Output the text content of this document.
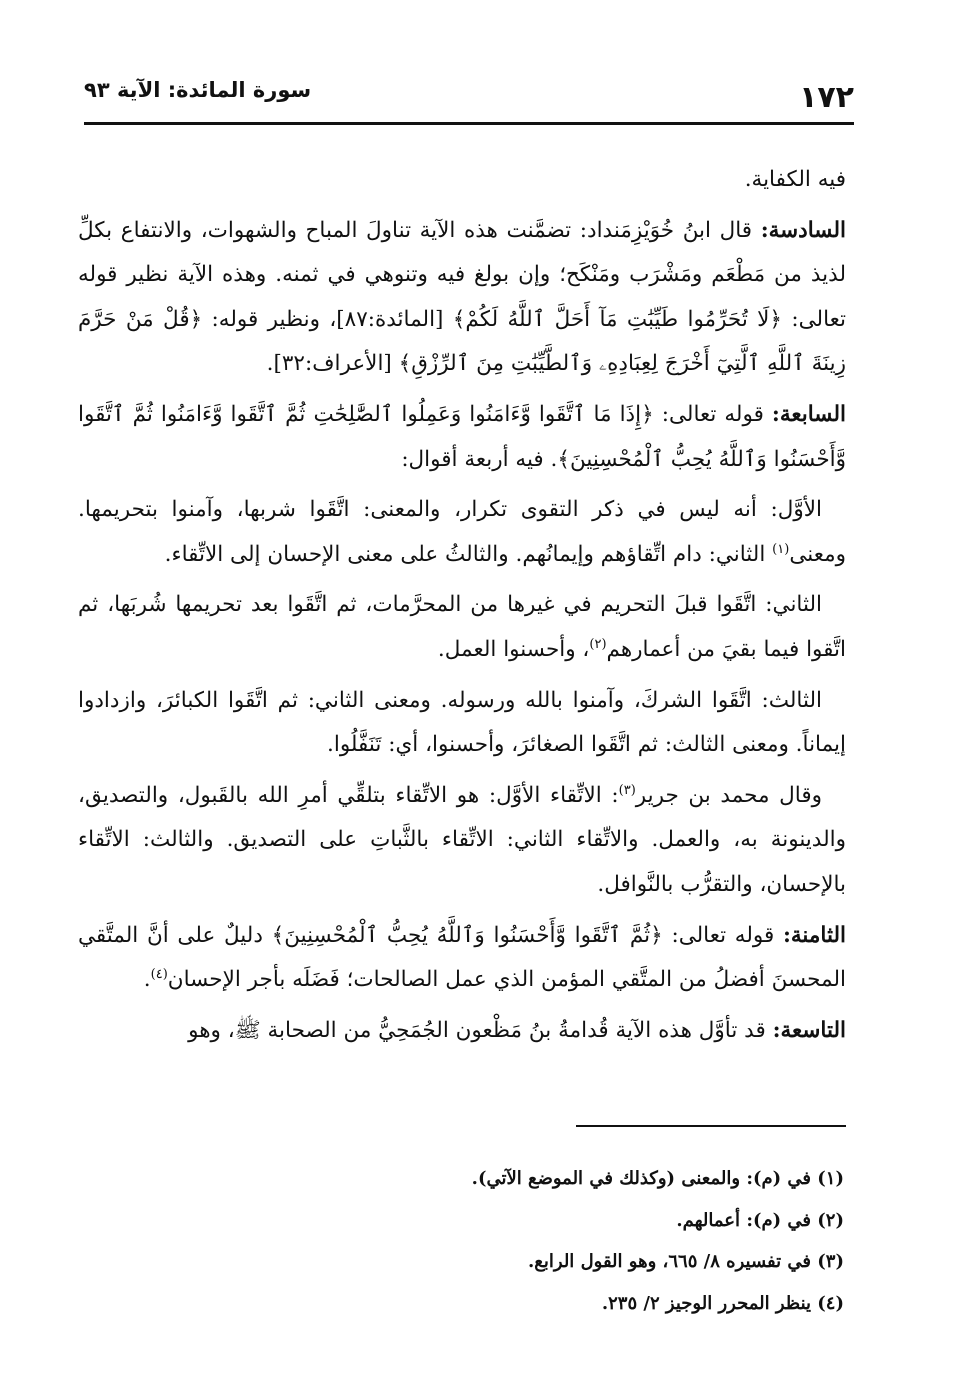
١٧٢
سورة المائدة: الآية ٩٣

فيه الكفاية.

السادسة: قال ابنُ خُوَيْزِمَنداد: تضمَّنت هذه الآية تناولَ المباح والشهوات، والانتفاع بكلِّ لذيذ من مَطْعَم ومَشْرَب ومَنْكَح؛ وإن بولغ فيه وتنوهي في ثمنه. وهذه الآية نظير قوله تعالى: ﴿لَا تُحَرِّمُوا طَيِّبَٰتِ مَآ أَحَلَّ ٱللَّهُ لَكُمْ﴾ [المائدة:٨٧]، ونظير قوله: ﴿قُلْ مَنْ حَرَّمَ زِينَةَ ٱللَّهِ ٱلَّتِيٓ أَخْرَجَ لِعِبَادِهِۦ وَٱلطَّيِّبَٰتِ مِنَ ٱلرِّزْقِ﴾ [الأعراف:٣٢].

السابعة: قوله تعالى: ﴿إِذَا مَا ٱتَّقَوا وَّءَامَنُوا وَعَمِلُوا ٱلصَّٰلِحَٰتِ ثُمَّ ٱتَّقَوا وَّءَامَنُوا ثُمَّ ٱتَّقَوا وَّأَحْسَنُوا وَٱللَّهُ يُحِبُّ ٱلْمُحْسِنِينَ﴾. فيه أربعة أقوال:

الأوَّل: أنه ليس في ذكر التقوى تكرار، والمعنى: اتَّقَوا شربها، وآمنوا بتحريمها. ومعنى$^{(١)}$ الثاني: دام اتِّقاؤهم وإيمانُهم. والثالثُ على معنى الإحسان إلى الاتِّقاء.

الثاني: اتَّقَوا قبلَ التحريم في غيرها من المحرَّمات، ثم اتَّقَوا بعد تحريمها شُربَها، ثم اتَّقوا فيما بقيَ من أعمارهم$^{(٢)}$، وأحسنوا العمل.

الثالث: اتَّقَوا الشركَ، وآمنوا بالله ورسوله. ومعنى الثاني: ثم اتَّقَوا الكبائرَ، وازدادوا إيماناً. ومعنى الثالث: ثم اتَّقَوا الصغائرَ، وأحسنوا، أي: تَنَفَّلُوا.

وقال محمد بن جرير$^{(٣)}$: الاتِّقاء الأوَّل: هو الاتِّقاء بتلقِّي أمرِ الله بالقَبول، والتصديق، والدينونة به، والعمل. والاتِّقاء الثاني: الاتِّقاء بالثَّباتِ على التصديق. والثالث: الاتِّقاء بالإحسان، والتقرُّب بالنَّوافل.

الثامنة: قوله تعالى: ﴿ثُمَّ ٱتَّقَوا وَّأَحْسَنُوا وَٱللَّهُ يُحِبُّ ٱلْمُحْسِنِينَ﴾ دليلٌ على أنَّ المتَّقي المحسنَ أفضلُ من المتَّقي المؤمن الذي عمل الصالحات؛ فَضَلَه بأجر الإحسان$^{(٤)}$.

التاسعة: قد تأوَّل هذه الآية قُدامةُ بنُ مَظْعون الجُمَحِيُّ من الصحابة ﷺ، وهو

(١) في (م): والمعنى (وكذلك في الموضع الآتي).
(٢) في (م): أعمالهم.
(٣) في تفسيره ٨/ ٦٦٥، وهو القول الرابع.
(٤) ينظر المحرر الوجيز ٢/ ٢٣٥.
